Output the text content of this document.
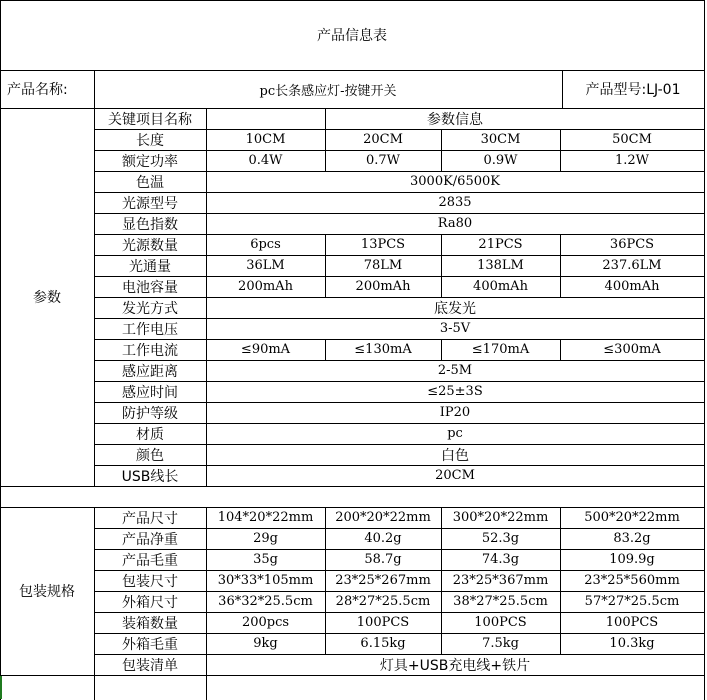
产品信息表
产品名称:	pc长条感应灯-按键开关	产品型号:LJ-01
参数
包装规格
关键项目名称	参数信息
长度	10CM	20CM	30CM	50CM
额定功率	0.4W	0.7W	0.9W	1.2W
色温	3000K/6500K
光源型号	2835
显色指数	Ra80
光源数量	6pcs	13PCS	21PCS	36PCS
光通量	36LM	78LM	138LM	237.6LM
电池容量	200mAh	200mAh	400mAh	400mAh
发光方式	底发光
工作电压	3-5V
工作电流	≤90mA	≤130mA	≤170mA	≤300mA
感应距离	2-5M
感应时间	≤25±3S
防护等级	IP20
材质	pc
颜色	白色
USB线长	20CM
产品尺寸	104*20*22mm	200*20*22mm	300*20*22mm	500*20*22mm
产品净重	29g	40.2g	52.3g	83.2g
产品毛重	35g	58.7g	74.3g	109.9g
包装尺寸	30*33*105mm	23*25*267mm	23*25*367mm	23*25*560mm
外箱尺寸	36*32*25.5cm	28*27*25.5cm	38*27*25.5cm	57*27*25.5cm
装箱数量	200pcs	100PCS	100PCS	100PCS
外箱毛重	9kg	6.15kg	7.5kg	10.3kg
包装清单	灯具+USB充电线+铁片
